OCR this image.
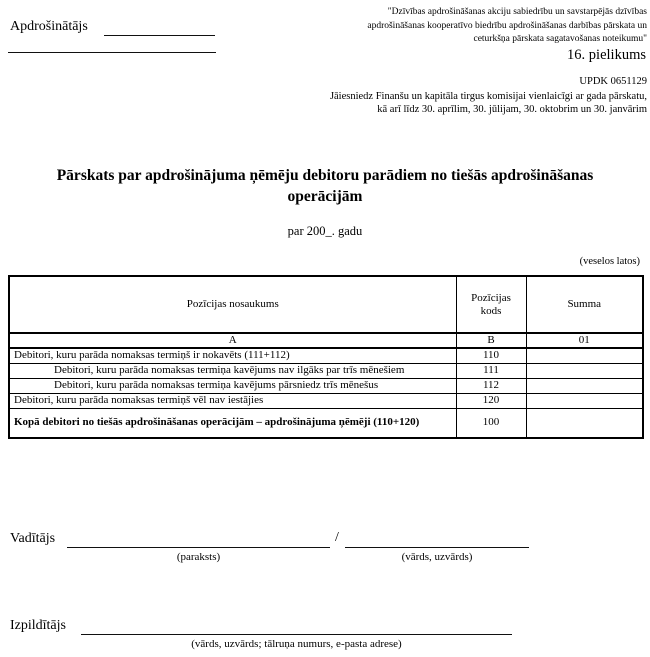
Apdrošinātājs
"Dzīvības apdrošināšanas akciju sabiedrību un savstarpējās dzīvības
apdrošināšanas kooperatīvo biedrību apdrošināšanas darbības pārskata un
ceturkšņa pārskata sagatavošanas noteikumu"
16. pielikums
UPDK 0651129
Jāiesniedz Finanšu un kapitāla tirgus komisijai vienlaicīgi ar gada pārskatu,
kā arī līdz 30. aprīlim, 30. jūlijam, 30. oktobrim un 30. janvārim
Pārskats par apdrošinājuma ņēmēju debitoru parādiem no tiešās apdrošināšanas operācijām
par 200_. gadu
(veselos latos)
Pozīcijas nosaukums	Pozīcijas kods	Summa
A	B	01
Debitori, kuru parāda nomaksas termiņš ir nokavēts (111+112)	110	
Debitori, kuru parāda nomaksas termiņa kavējums nav ilgāks par trīs mēnešiem	111	
Debitori, kuru parāda nomaksas termiņa kavējums pārsniedz trīs mēnešus	112	
Debitori, kuru parāda nomaksas termiņš vēl nav iestājies	120	
Kopā debitori no tiešās apdrošināšanas operācijām – apdrošinājuma ņēmēji (110+120)	100	
Vadītājs	/
(paraksts)	(vārds, uzvārds)
Izpildītājs
(vārds, uzvārds; tālruņa numurs, e-pasta adrese)
